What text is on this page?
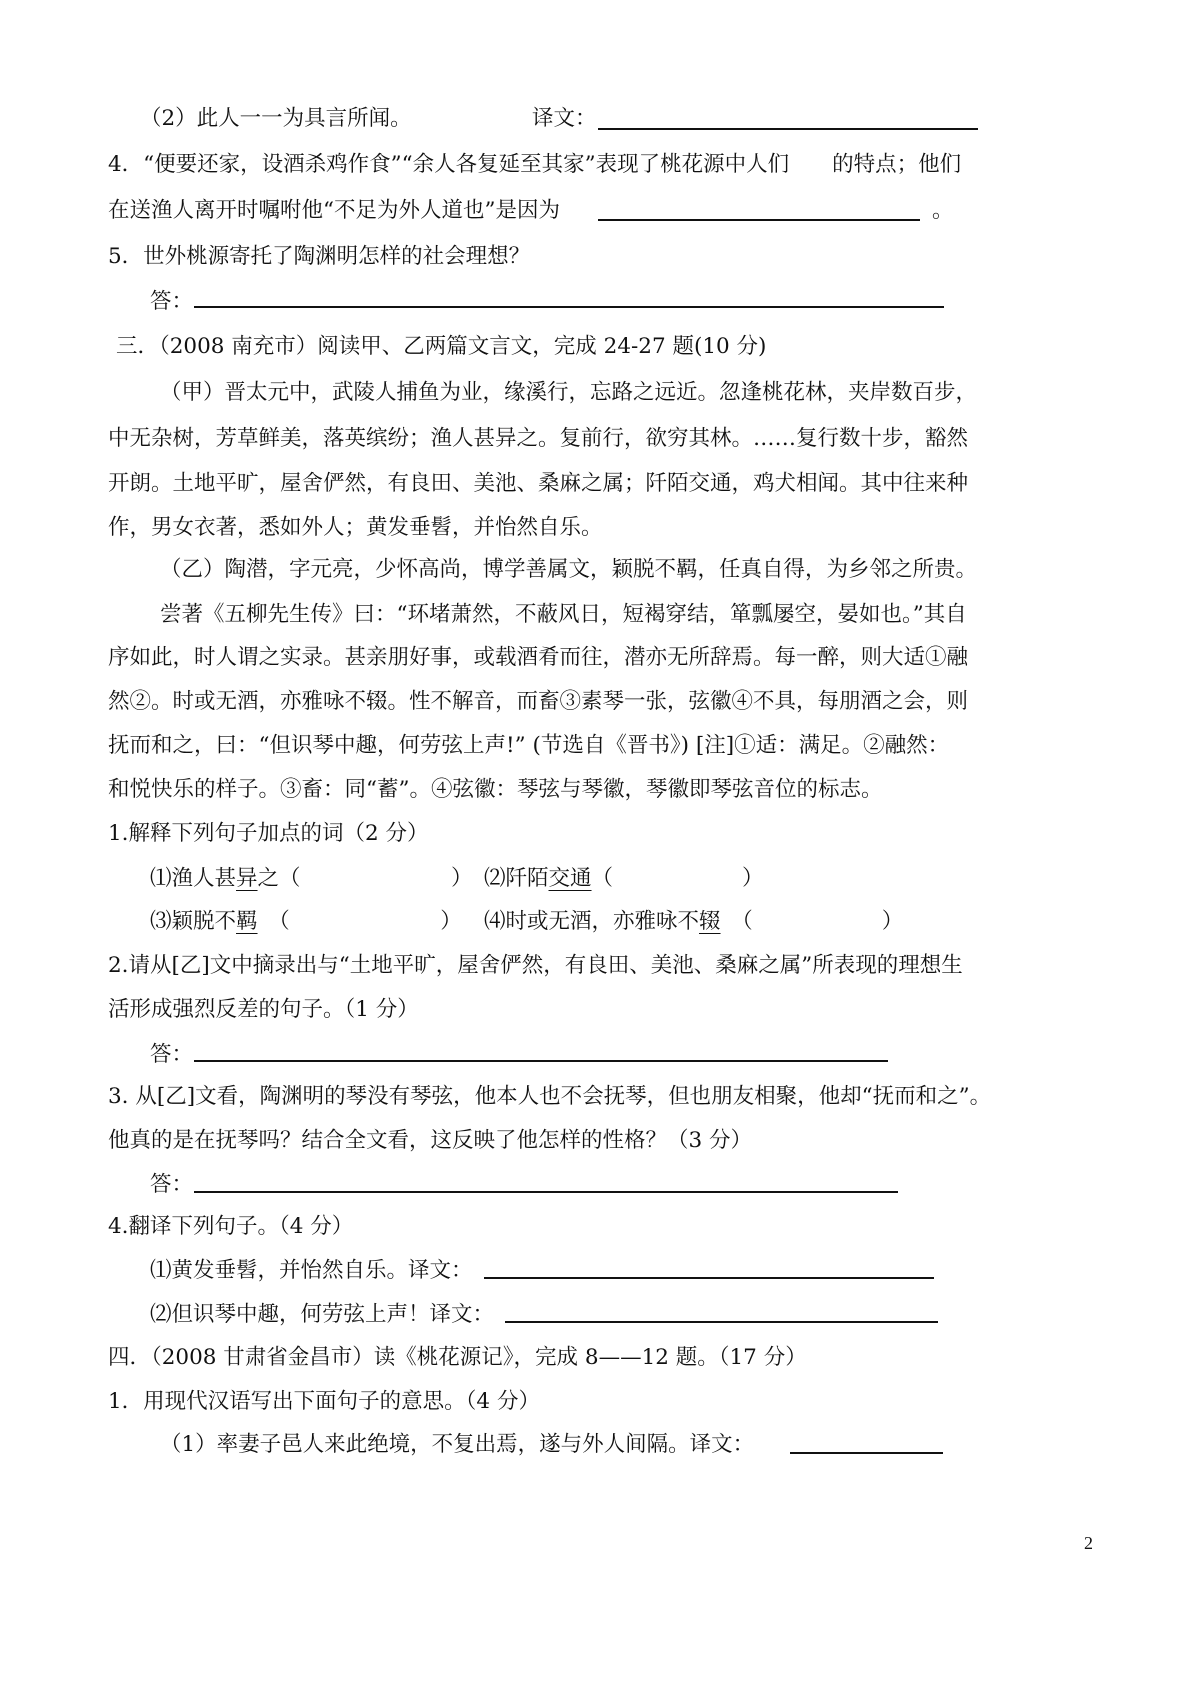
（2）此人一一为具言所闻。	译文：
4．“便要还家，设酒杀鸡作食”“余人各复延至其家”表现了桃花源中人们　　的特点；他们
在送渔人离开时嘱咐他“不足为外人道也”是因为	。
5．世外桃源寄托了陶渊明怎样的社会理想？
答：
三．（2008 南充市）阅读甲、乙两篇文言文，完成 24-27 题(10 分)
（甲）晋太元中，武陵人捕鱼为业，缘溪行，忘路之远近。忽逢桃花林，夹岸数百步，
中无杂树，芳草鲜美，落英缤纷；渔人甚异之。复前行，欲穷其林。……复行数十步，豁然
开朗。土地平旷，屋舍俨然，有良田、美池、桑麻之属；阡陌交通，鸡犬相闻。其中往来种
作，男女衣著，悉如外人；黄发垂髫，并怡然自乐。
（乙）陶潜，字元亮，少怀高尚，博学善属文，颖脱不羁，任真自得，为乡邻之所贵。
尝著《五柳先生传》曰：“环堵萧然，不蔽风日，短褐穿结，箪瓢屡空，晏如也。”其自
序如此，时人谓之实录。甚亲朋好事，或载酒肴而往，潜亦无所辞焉。每一醉，则大适①融
然②。时或无酒，亦雅咏不辍。性不解音，而畜③素琴一张，弦徽④不具，每朋酒之会，则
抚而和之，曰：“但识琴中趣，何劳弦上声!” (节选自《晋书》) [注]①适：满足。②融然：
和悦快乐的样子。③畜：同“蓄”。④弦徽：琴弦与琴徽，琴徽即琴弦音位的标志。
1.解释下列句子加点的词（2 分）
⑴渔人甚异之（　　　　　　　） ⑵阡陌交通（　　　　　　）
⑶颖脱不羁　（　　　　　　　） ⑷时或无酒，亦雅咏不辍　（　　　　　　）
2.请从[乙]文中摘录出与“土地平旷，屋舍俨然，有良田、美池、桑麻之属”所表现的理想生
活形成强烈反差的句子。（1 分）
答：
3. 从[乙]文看，陶渊明的琴没有琴弦，他本人也不会抚琴，但也朋友相聚，他却“抚而和之”。
他真的是在抚琴吗？结合全文看，这反映了他怎样的性格？（3 分）
答：
4.翻译下列句子。（4 分）
⑴黄发垂髫，并怡然自乐。译文：
⑵但识琴中趣，何劳弦上声！译文：
四．（2008 甘肃省金昌市）读《桃花源记》，完成 8——12 题。（17 分）
1．用现代汉语写出下面句子的意思。（4 分）
（1）率妻子邑人来此绝境，不复出焉，遂与外人间隔。译文：
2
